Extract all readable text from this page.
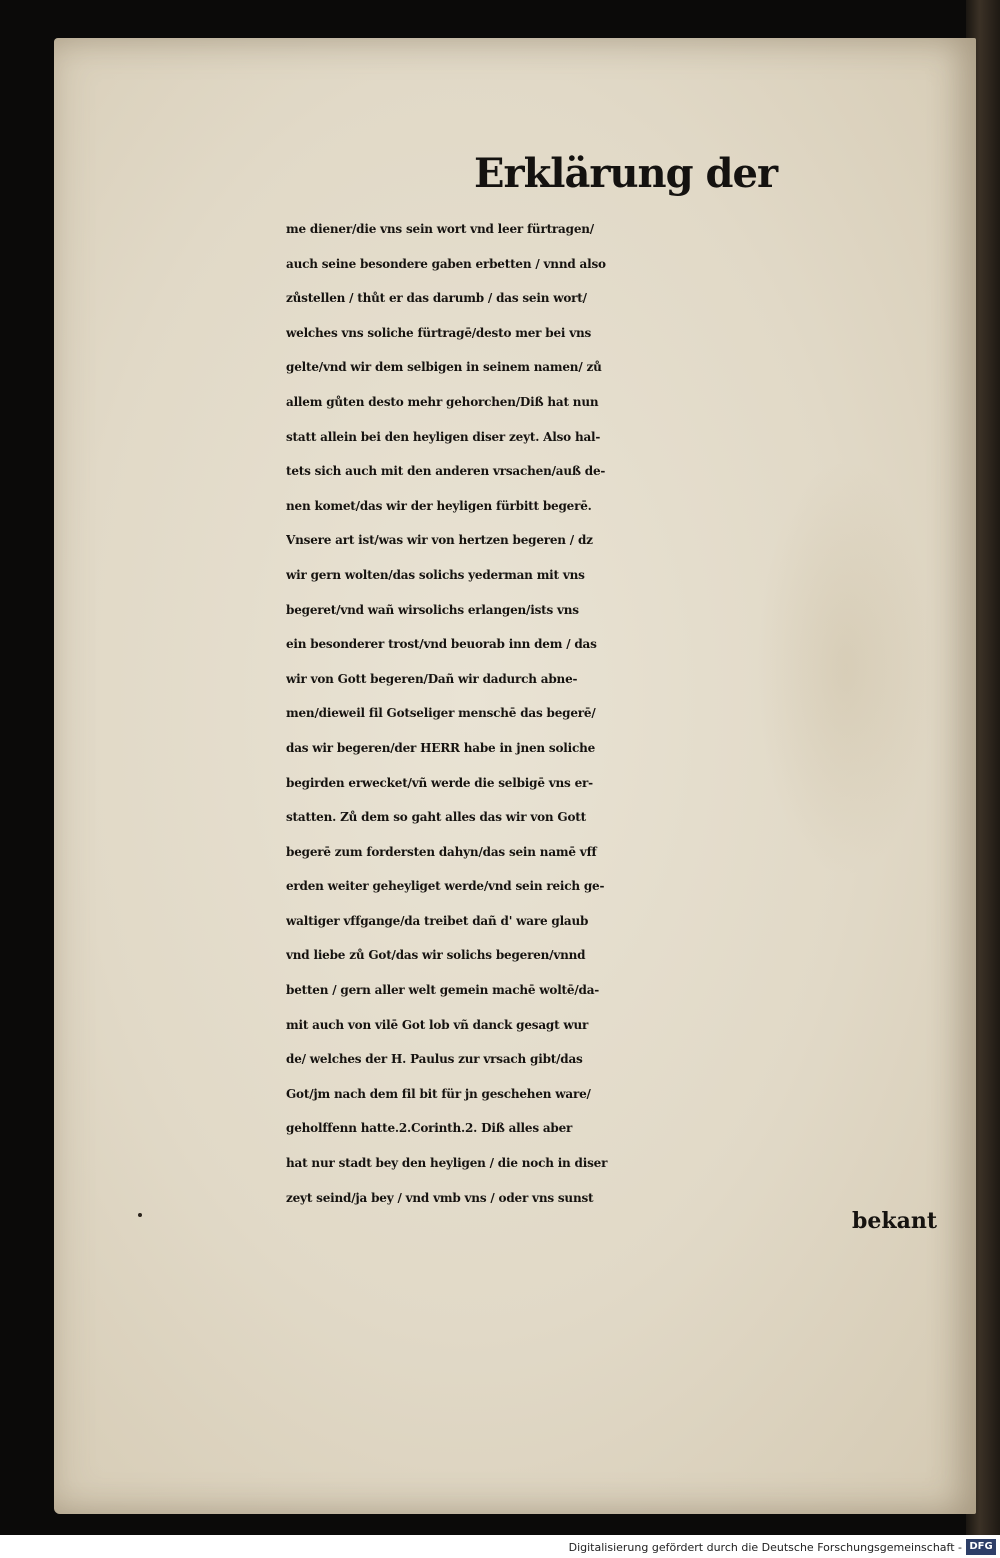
​
Erklärung der
me diener/die vns sein wort vnd leer fürtragen/
auch seine besondere gaben erbetten / vnnd also
zůstellen / thůt er das darumb / das sein wort/
welches vns soliche fürtragē/desto mer bei vns
gelte/vnd wir dem selbigen in seinem namen/ zů
allem gůten desto mehr gehorchen/Diß hat nun
statt allein bei den heyligen diser zeyt. Also hal-
tets sich auch mit den anderen vrsachen/auß de-
nen komet/das wir der heyligen fürbitt begerē.
Vnsere art ist/was wir von hertzen begeren / dz
wir gern wolten/das solichs yederman mit vns
begeret/vnd wañ wirsolichs erlangen/ists vns
ein besonderer trost/vnd beuorab inn dem / das
wir von Gott begeren/Dañ wir dadurch abne-
men/dieweil fil Gotseliger menschē das begerē/
das wir begeren/der HERR habe in jnen soliche
begirden erwecket/vñ werde die selbigē vns er-
statten. Zů dem so gaht alles das wir von Gott
begerē zum fordersten dahyn/das sein namē vff
erden weiter geheyliget werde/vnd sein reich ge-
waltiger vffgange/da treibet dañ d' ware glaub
vnd liebe zů Got/das wir solichs begeren/vnnd
betten / gern aller welt gemein machē woltē/da-
mit auch von vilē Got lob vñ danck gesagt wur
de/ welches der H. Paulus zur vrsach gibt/das
Got/jm nach dem fil bit für jn geschehen ware/
geholffenn hatte.2.Corinth.2. Diß alles aber
hat nur stadt bey den heyligen / die noch in diser
zeyt seind/ja bey / vnd vmb vns / oder vns sunst
bekant
Digitalisierung gefördert durch die Deutsche Forschungsgemeinschaft - DFG
